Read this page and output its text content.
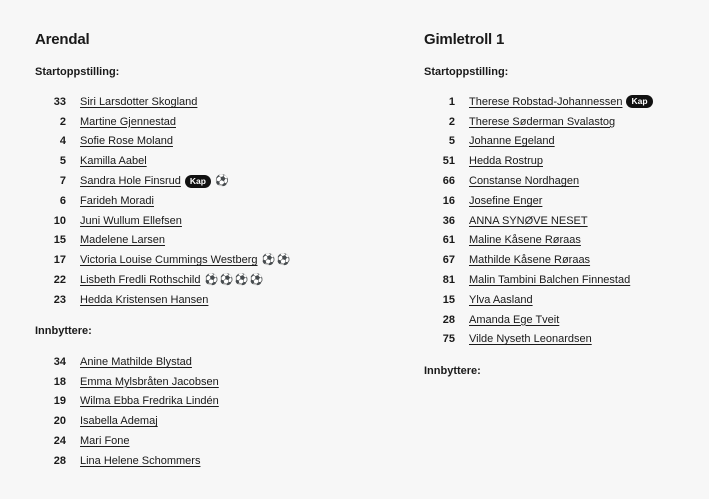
Arendal
Startoppstilling:
33 Siri Larsdotter Skogland
2 Martine Gjennestad
4 Sofie Rose Moland
5 Kamilla Aabel
7 Sandra Hole Finsrud	Kap ⚽
6 Farideh Moradi
10 Juni Wullum Ellefsen
15 Madelene Larsen
17 Victoria Louise Cummings Westberg ⚽ ⚽
22 Lisbeth Fredli Rothschild ⚽ ⚽ ⚽ ⚽
23 Hedda Kristensen Hansen
Innbyttere:
34 Anine Mathilde Blystad
18 Emma Mylsbråten Jacobsen
19 Wilma Ebba Fredrika Lindén
20 Isabella Ademaj
24 Mari Fone
28 Lina Helene Schommers
Gimletroll 1
Startoppstilling:
1 Therese Robstad-Johannessen	Kap
2 Therese Søderman Svalastog
5 Johanne Egeland
51 Hedda Rostrup
66 Constanse Nordhagen
16 Josefine Enger
36 ANNA SYNØVE NESET
61 Maline Kåsene Røraas
67 Mathilde Kåsene Røraas
81 Malin Tambini Balchen Finnestad
15 Ylva Aasland
28 Amanda Ege Tveit
75 Vilde Nyseth Leonardsen
Innbyttere:
